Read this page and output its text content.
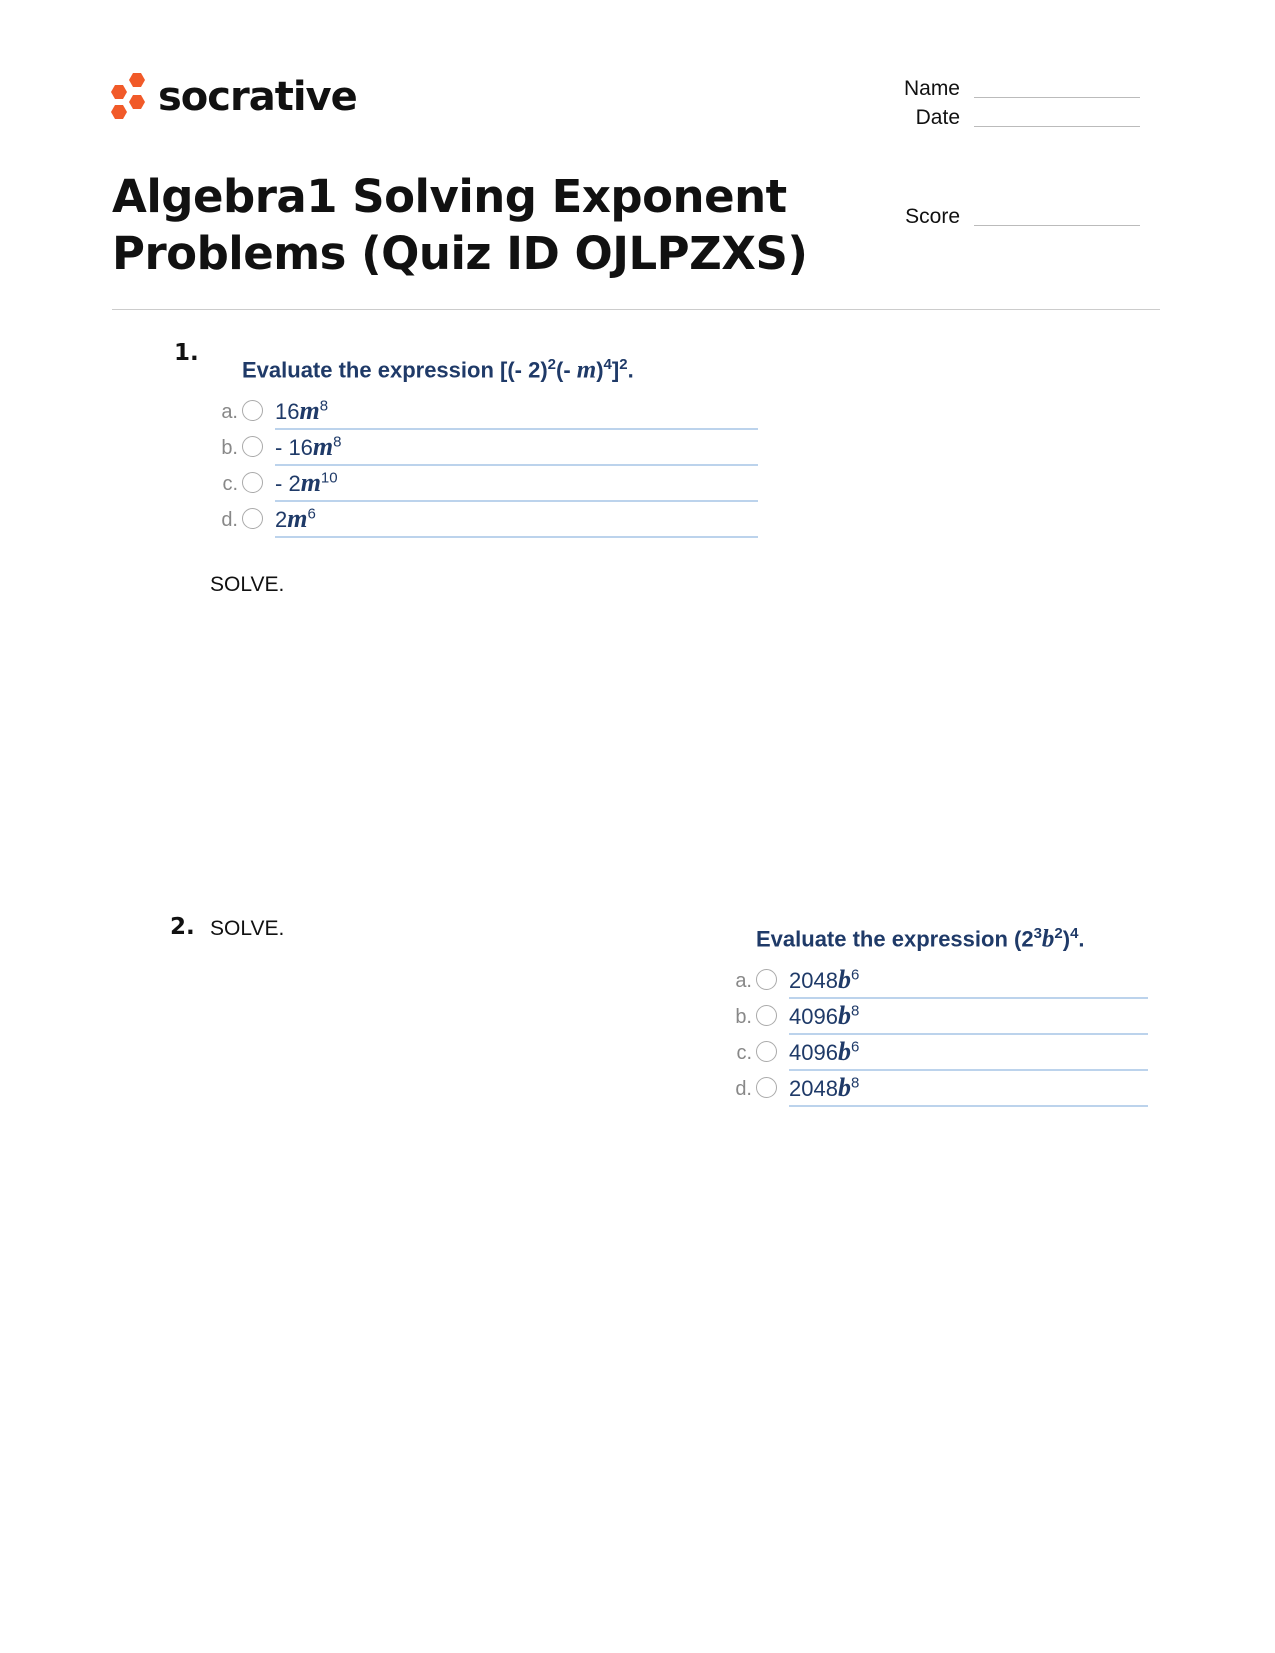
socrative	Name
Date
Score
Algebra1 Solving Exponent
Problems (Quiz ID OJLPZXS)
1.
Evaluate the expression [(- 2)$^2$(- m)$^4$]$^2$.
a. $16m^8$
b. - $16m^8$
c. - $2m^{10}$
d. $2m^6$
SOLVE.
2. SOLVE.	Evaluate the expression $(2^3b^2)^4$.
a. $2048b^6$
b. $4096b^8$
c. $4096b^6$
d. $2048b^8$
